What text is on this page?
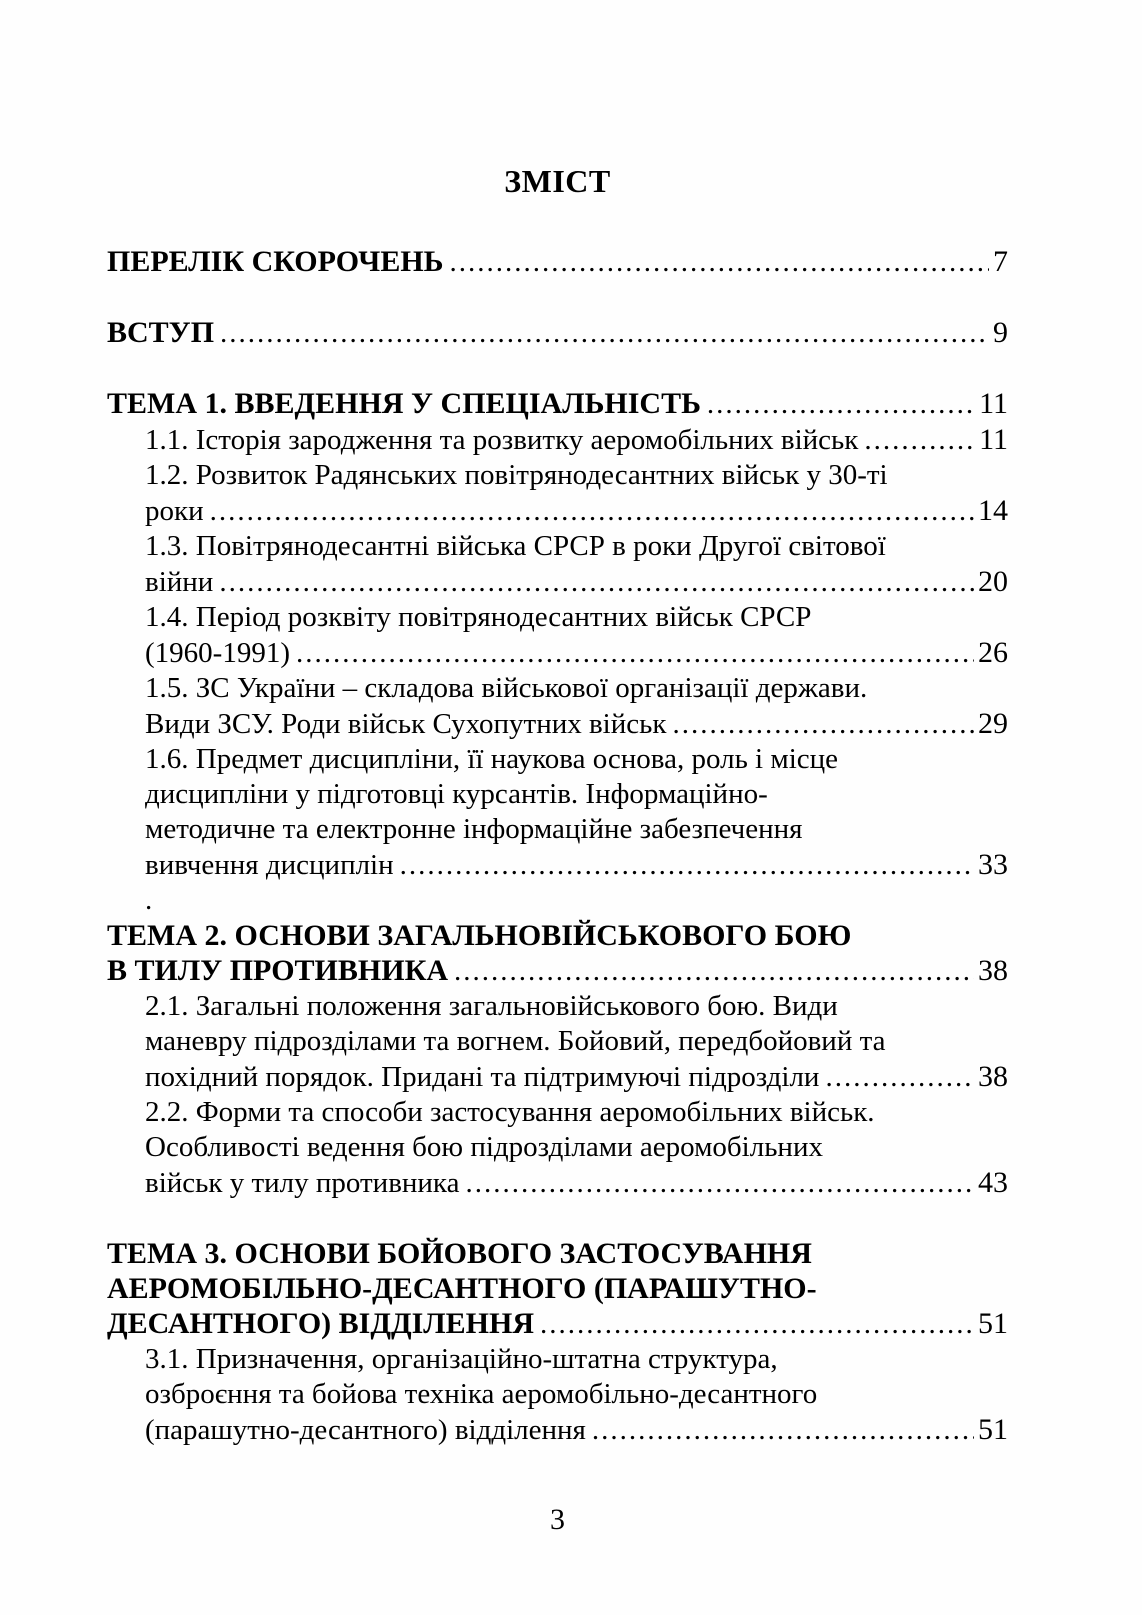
ЗМІСТ
ПЕРЕЛІК СКОРОЧЕНЬ .....	7
ВСТУП .....	9
ТЕМА 1. ВВЕДЕННЯ У СПЕЦІАЛЬНІСТЬ .....	11
1.1. Історія зародження та розвитку аеромобільних військ .....	11
1.2. Розвиток Радянських повітрянодесантних військ у 30-ті
роки .....	14
1.3. Повітрянодесантні війська СРСР в роки Другої світової
війни .....	20
1.4. Період розквіту повітрянодесантних військ СРСР
(1960-1991) .....	26
1.5. ЗС України – складова військової організації держави.
Види ЗСУ. Роди військ Сухопутних військ .....	29
1.6. Предмет дисципліни, її наукова основа, роль і місце
дисципліни у підготовці курсантів. Інформаційно-
методичне та електронне інформаційне забезпечення
вивчення дисциплін .....	33
.
ТЕМА 2. ОСНОВИ ЗАГАЛЬНОВІЙСЬКОВОГО БОЮ
В ТИЛУ ПРОТИВНИКА .....	38
2.1. Загальні положення загальновійськового бою. Види
маневру підрозділами та вогнем. Бойовий, передбойовий та
похідний порядок. Придані та підтримуючі підрозділи .....	38
2.2. Форми та способи застосування аеромобільних військ.
Особливості ведення бою підрозділами аеромобільних
військ у тилу противника .....	43
ТЕМА 3. ОСНОВИ БОЙОВОГО ЗАСТОСУВАННЯ
АЕРОМОБІЛЬНО-ДЕСАНТНОГО (ПАРАШУТНО-
ДЕСАНТНОГО) ВІДДІЛЕННЯ .....	51
3.1. Призначення, організаційно-штатна структура,
озброєння та бойова техніка аеромобільно-десантного
(парашутно-десантного) відділення .....	51
3
